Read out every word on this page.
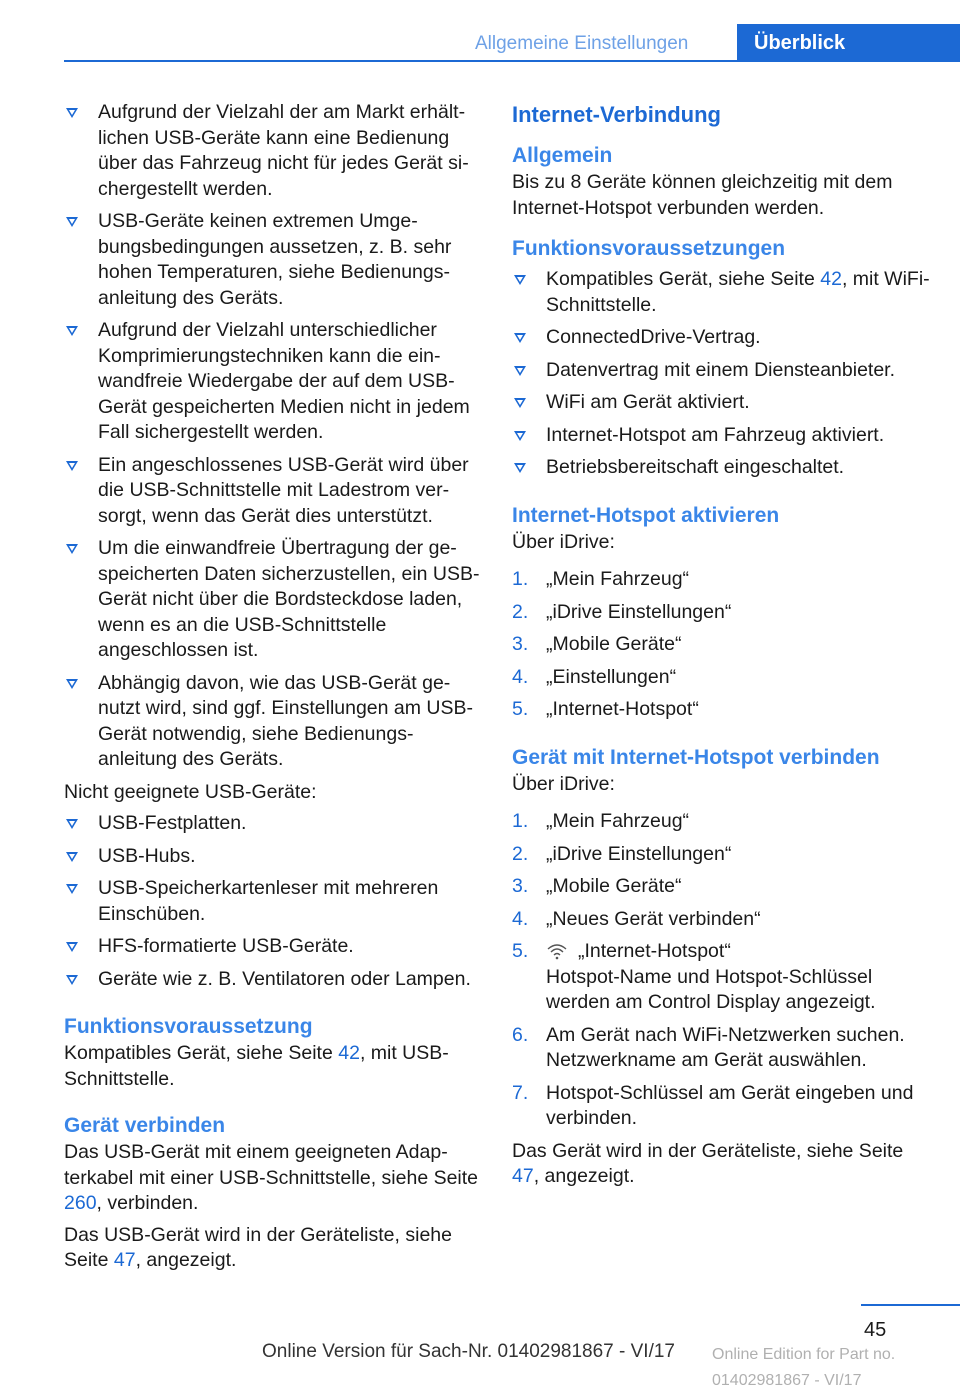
Allgemeine Einstellungen	Überblick
Aufgrund der Vielzahl der am Markt erhältlichen USB-Geräte kann eine Bedienung über das Fahrzeug nicht für jedes Gerät sichergestellt werden.
USB-Geräte keinen extremen Umgebungsbedingungen aussetzen, z. B. sehr hohen Temperaturen, siehe Bedienungsanleitung des Geräts.
Aufgrund der Vielzahl unterschiedlicher Komprimierungstechniken kann die einwandfreie Wiedergabe der auf dem USB-Gerät gespeicherten Medien nicht in jedem Fall sichergestellt werden.
Ein angeschlossenes USB-Gerät wird über die USB-Schnittstelle mit Ladestrom versorgt, wenn das Gerät dies unterstützt.
Um die einwandfreie Übertragung der gespeicherten Daten sicherzustellen, ein USB-Gerät nicht über die Bordsteckdose laden, wenn es an die USB-Schnittstelle angeschlossen ist.
Abhängig davon, wie das USB-Gerät genutzt wird, sind ggf. Einstellungen am USB-Gerät notwendig, siehe Bedienungsanleitung des Geräts.

Nicht geeignete USB-Geräte:

USB-Festplatten.
USB-Hubs.
USB-Speicherkartenleser mit mehreren Einschüben.
HFS-formatierte USB-Geräte.
Geräte wie z. B. Ventilatoren oder Lampen.
Funktionsvoraussetzung

Kompatibles Gerät, siehe Seite 42, mit USB-Schnittstelle.

Gerät verbinden

Das USB-Gerät mit einem geeigneten Adapterkabel mit einer USB-Schnittstelle, siehe Seite 260, verbinden.

Das USB-Gerät wird in der Geräteliste, siehe Seite 47, angezeigt.

Internet-Verbindung
Allgemein

Bis zu 8 Geräte können gleichzeitig mit dem Internet-Hotspot verbunden werden.

Funktionsvoraussetzungen
Kompatibles Gerät, siehe Seite 42, mit WiFi-Schnittstelle.
ConnectedDrive-Vertrag.
Datenvertrag mit einem Diensteanbieter.
WiFi am Gerät aktiviert.
Internet-Hotspot am Fahrzeug aktiviert.
Betriebsbereitschaft eingeschaltet.
Internet-Hotspot aktivieren

Über iDrive:

1. „Mein Fahrzeug“
2. „iDrive Einstellungen“
3. „Mobile Geräte“
4. „Einstellungen“
5. „Internet-Hotspot“
Gerät mit Internet-Hotspot verbinden

Über iDrive:

1. „Mein Fahrzeug“
2. „iDrive Einstellungen“
3. „Mobile Geräte“
4. „Neues Gerät verbinden“
5.	„Internet-Hotspot“
Hotspot-Name und Hotspot-Schlüssel werden am Control Display angezeigt.
6. Am Gerät nach WiFi-Netzwerken suchen. Netzwerkname am Gerät auswählen.
7. Hotspot-Schlüssel am Gerät eingeben und verbinden.

Das Gerät wird in der Geräteliste, siehe Seite 47, angezeigt.

45
Online Version für Sach-Nr. 01402981867 - VI/17 Online Edition for Part no. 01402981867 - VI/17
